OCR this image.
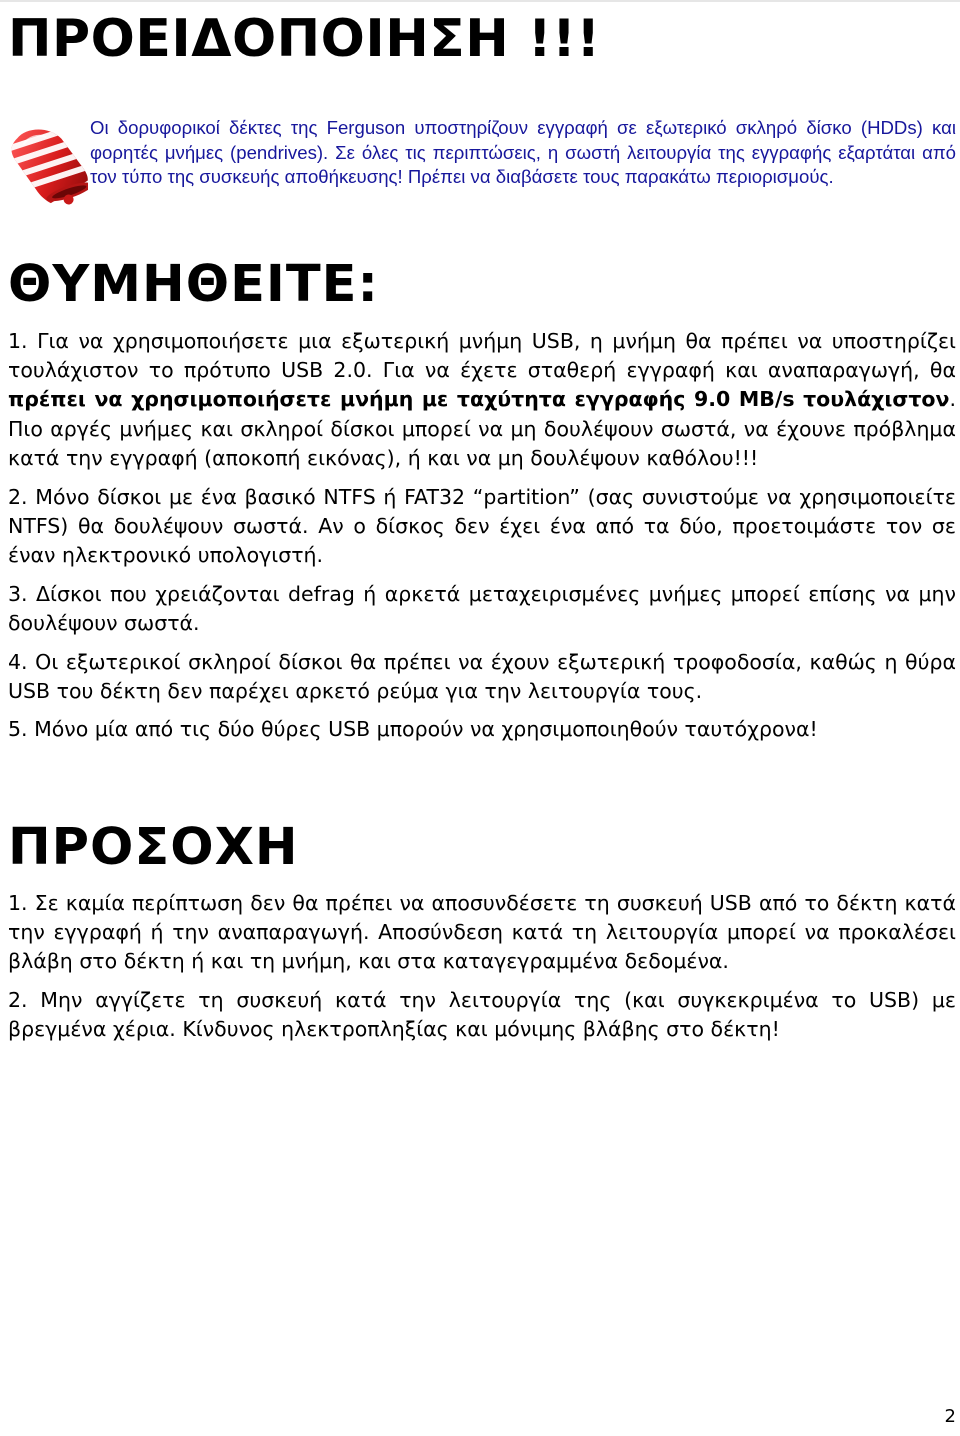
ΠΡΟΕΙΔΟΠΟΙΗΣΗ !!!
Οι δορυφορικοί δέκτες της Ferguson υποστηρίζουν εγγραφή σε εξωτερικό σκληρό δίσκο (HDDs) και φορητές μνήμες (pendrives). Σε όλες τις περιπτώσεις, η σωστή λειτουργία της εγγραφής εξαρτάται από τον τύπο της συσκευής αποθήκευσης! Πρέπει να διαβάσετε τους παρακάτω περιορισμούς.
ΘΥΜΗΘΕΙΤΕ:

1. Για να χρησιμοποιήσετε μια εξωτερική μνήμη USB, η μνήμη θα πρέπει να υποστηρίζει τουλάχιστον το πρότυπο USB 2.0. Για να έχετε σταθερή εγγραφή και αναπαραγωγή, θα πρέπει να χρησιμοποιήσετε μνήμη με ταχύτητα εγγραφής 9.0 MB/s τουλάχιστον. Πιο αργές μνήμες και σκληροί δίσκοι μπορεί να μη δουλέψουν σωστά, να έχουνε πρόβλημα κατά την εγγραφή (αποκοπή εικόνας), ή και να μη δουλέψουν καθόλου!!!

2. Μόνο δίσκοι με ένα βασικό NTFS ή FAT32 “partition” (σας συνιστούμε να χρησιμοποιείτε NTFS) θα δουλέψουν σωστά. Αν ο δίσκος δεν έχει ένα από τα δύο, προετοιμάστε τον σε έναν ηλεκτρονικό υπολογιστή.

3. Δίσκοι που χρειάζονται defrag ή αρκετά μεταχειρισμένες μνήμες μπορεί επίσης να μην δουλέψουν σωστά.

4. Οι εξωτερικοί σκληροί δίσκοι θα πρέπει να έχουν εξωτερική τροφοδοσία, καθώς η θύρα USB του δέκτη δεν παρέχει αρκετό ρεύμα για την λειτουργία τους.

5. Μόνο μία από τις δύο θύρες USB μπορούν να χρησιμοποιηθούν ταυτόχρονα!

ΠΡΟΣΟΧΗ

1. Σε καμία περίπτωση δεν θα πρέπει να αποσυνδέσετε τη συσκευή USB από το δέκτη κατά την εγγραφή ή την αναπαραγωγή. Αποσύνδεση κατά τη λειτουργία μπορεί να προκαλέσει βλάβη στο δέκτη ή και τη μνήμη, και στα καταγεγραμμένα δεδομένα.

2. Μην αγγίζετε τη συσκευή κατά την λειτουργία της (και συγκεκριμένα το USB) με βρεγμένα χέρια. Κίνδυνος ηλεκτροπληξίας και μόνιμης βλάβης στο δέκτη!

2
